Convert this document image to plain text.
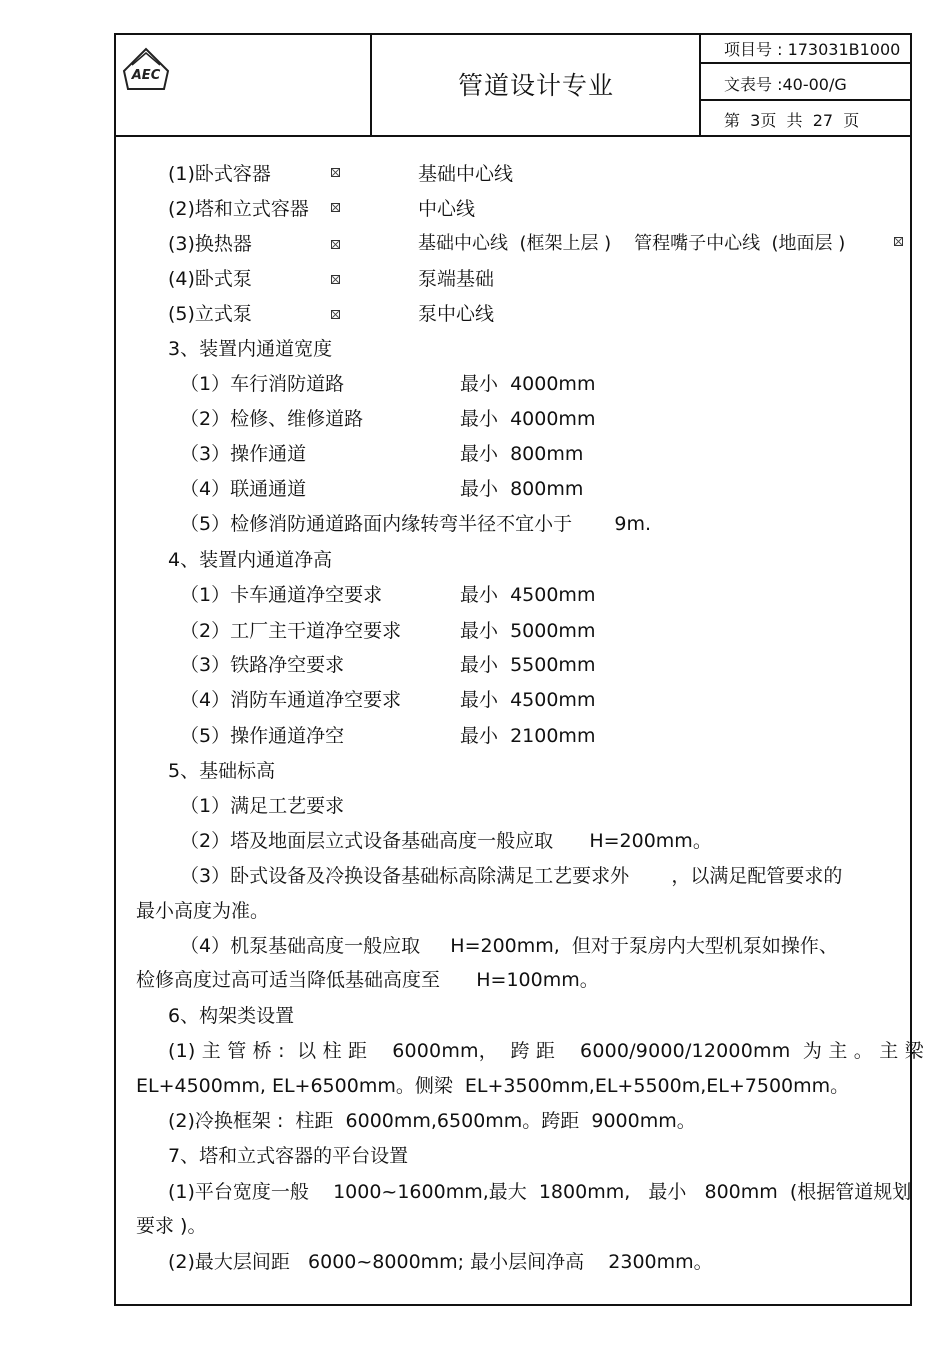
AEC	管道设计专业
项目号 : 173031B1000
文表号 :40-00/G
第  3页  共  27  页
(1)卧式容器	基础中心线
(2)塔和立式容器	中心线
(3)换热器	基础中心线  (框架上层 )    管程嘴子中心线  (地面层 )
(4)卧式泵	泵端基础
(5)立式泵	泵中心线
3、装置内通道宽度
（1）车行消防道路	最小  4000mm
（2）检修、维修道路	最小  4000mm
（3）操作通道	最小  800mm
（4）联通通道	最小  800mm
（5）检修消防通道路面内缘转弯半径不宜小于       9m.
4、装置内通道净高
（1）卡车通道净空要求	最小  4500mm
（2）工厂主干道净空要求	最小  5000mm
（3）铁路净空要求	最小  5500mm
（4）消防车通道净空要求	最小  4500mm
（5）操作通道净空	最小  2100mm
5、基础标高
（1）满足工艺要求
（2）塔及地面层立式设备基础高度一般应取      H=200mm。
（3）卧式设备及冷换设备基础标高除满足工艺要求外       ，以满足配管要求的
最小高度为准。
（4）机泵基础高度一般应取     H=200mm,  但对于泵房内大型机泵如操作、
检修高度过高可适当降低基础高度至      H=100mm。
6、构架类设置
(1) 主 管 桥 :  以 柱 距    6000mm，  跨 距    6000/9000/12000mm  为 主 。 主 梁
EL+4500mm, EL+6500mm。侧梁  EL+3500mm,EL+5500m,EL+7500mm。
(2)冷换框架 :  柱距  6000mm,6500mm。跨距  9000mm。
7、塔和立式容器的平台设置
(1)平台宽度一般    1000~1600mm,最大  1800mm,   最小   800mm  (根据管道规划
要求 )。
(2)最大层间距   6000~8000mm; 最小层间净高    2300mm。
